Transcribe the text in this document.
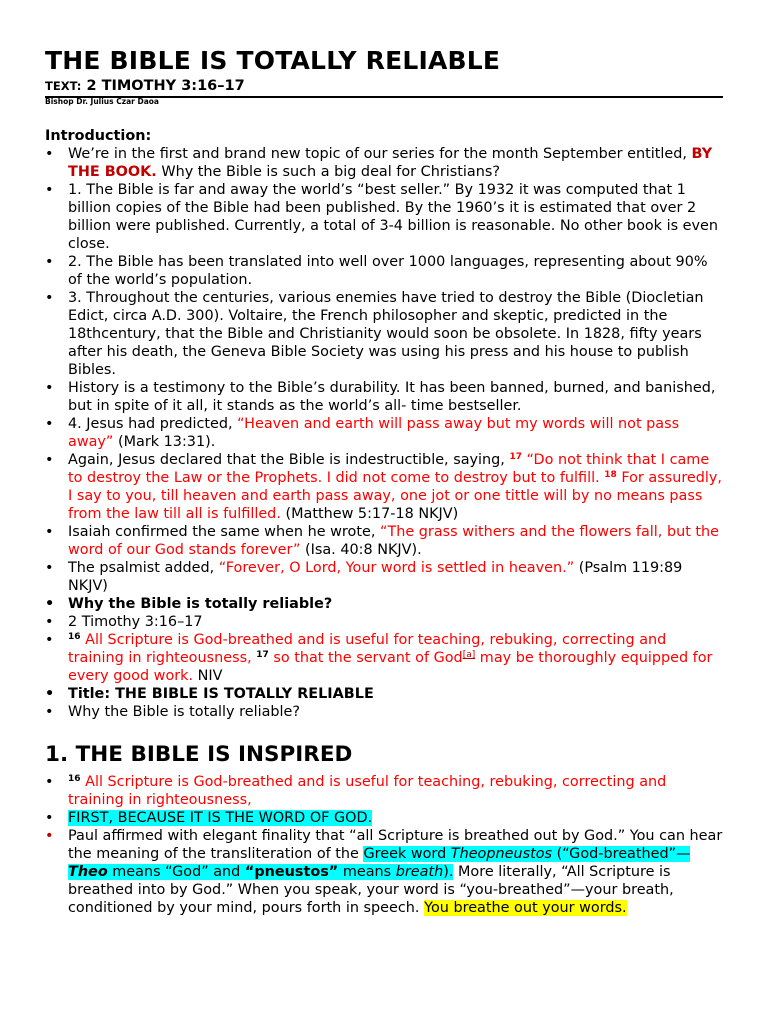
THE BIBLE IS TOTALLY RELIABLE
TEXT: 2 TIMOTHY 3:16–17
Bishop Dr. Julius Czar Daoa

Introduction:

• We’re in the first and brand new topic of our series for the month September entitled, BY THE BOOK. Why the Bible is such a big deal for Christians?
• 1. The Bible is far and away the world’s “best seller.” By 1932 it was computed that 1 billion copies of the Bible had been published. By the 1960’s it is estimated that over 2 billion were published. Currently, a total of 3-4 billion is reasonable. No other book is even close.
• 2. The Bible has been translated into well over 1000 languages, representing about 90% of the world’s population.
• 3. Throughout the centuries, various enemies have tried to destroy the Bible (Diocletian Edict, circa A.D. 300). Voltaire, the French philosopher and skeptic, predicted in the 18thcentury, that the Bible and Christianity would soon be obsolete. In 1828, fifty years after his death, the Geneva Bible Society was using his press and his house to publish Bibles.
• History is a testimony to the Bible’s durability. It has been banned, burned, and banished, but in spite of it all, it stands as the world’s all- time bestseller.
• 4. Jesus had predicted, “Heaven and earth will pass away but my words will not pass away” (Mark 13:31).
• Again, Jesus declared that the Bible is indestructible, saying, $^{17}$ “Do not think that I came to destroy the Law or the Prophets. I did not come to destroy but to fulfill. $^{18}$ For assuredly, I say to you, till heaven and earth pass away, one jot or one tittle will by no means pass from the law till all is fulfilled. (Matthew 5:17-18 NKJV)
• Isaiah confirmed the same when he wrote, “The grass withers and the flowers fall, but the word of our God stands forever” (Isa. 40:8 NKJV).
• The psalmist added, “Forever, O Lord, Your word is settled in heaven.” (Psalm 119:89 NKJV)
• Why the Bible is totally reliable?
• 2 Timothy 3:16–17
• $^{16}$ All Scripture is God-breathed and is useful for teaching, rebuking, correcting and training in righteousness, $^{17}$ so that the servant of God[a] may be thoroughly equipped for every good work. NIV
• Title: THE BIBLE IS TOTALLY RELIABLE
• Why the Bible is totally reliable?
1. THE BIBLE IS INSPIRED
• $^{16}$ All Scripture is God-breathed and is useful for teaching, rebuking, correcting and training in righteousness,
• FIRST, BECAUSE IT IS THE WORD OF GOD.
• Paul affirmed with elegant finality that “all Scripture is breathed out by God.” You can hear the meaning of the transliteration of the Greek word Theopneustos (“God-breathed”—Theo means “God” and “pneustos” means breath). More literally, “All Scripture is breathed into by God.” When you speak, your word is “you-breathed”—your breath, conditioned by your mind, pours forth in speech. You breathe out your words.
